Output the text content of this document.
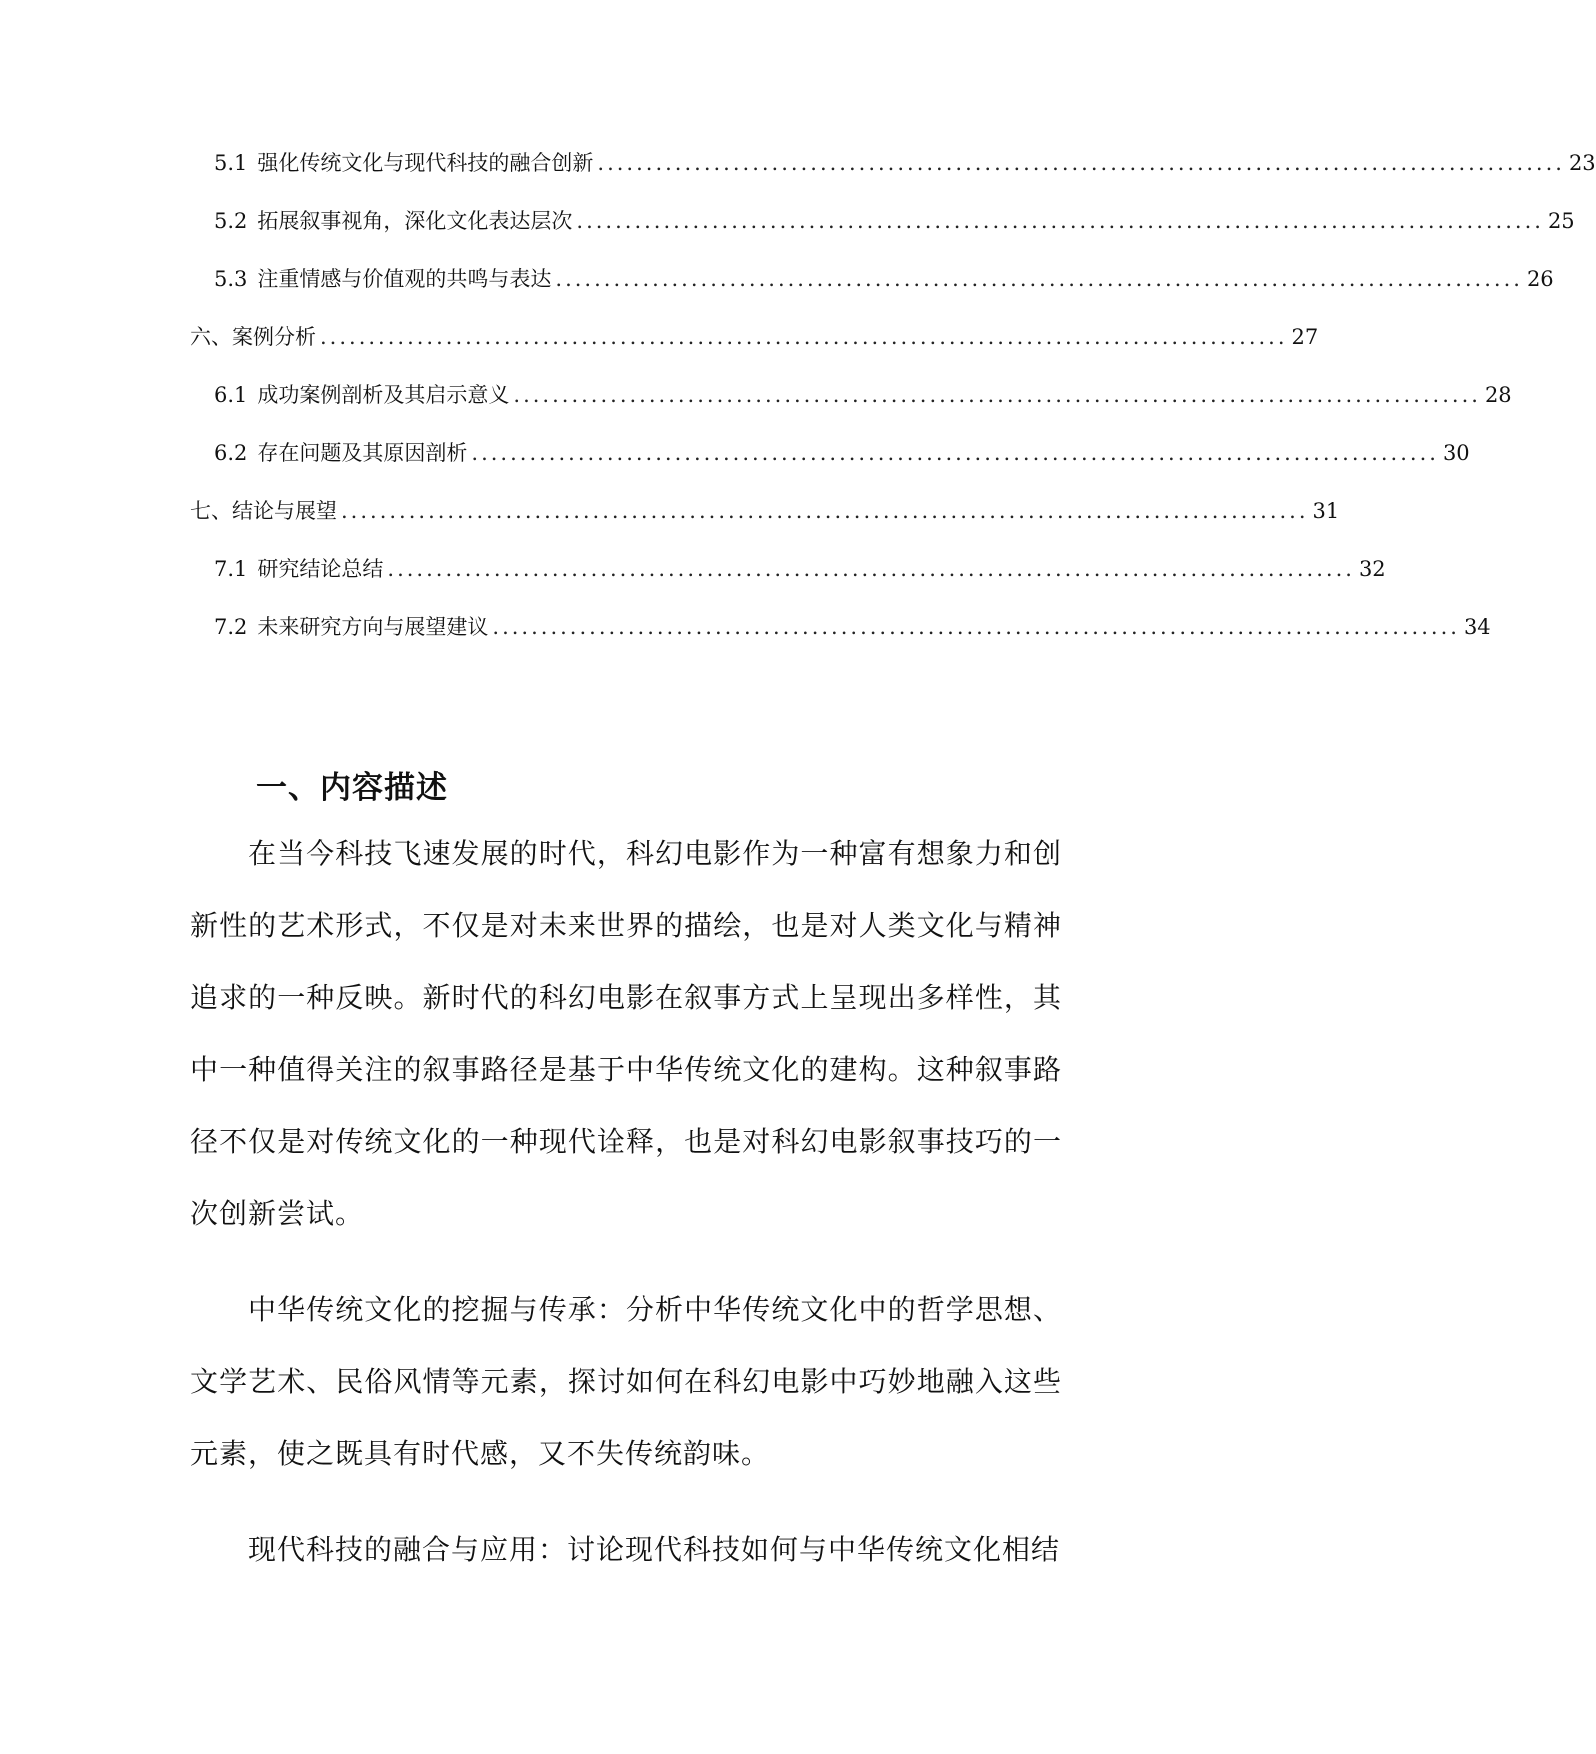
5.1 强化传统文化与现代科技的融合创新 .................................................................................................... 23
5.2 拓展叙事视角，深化文化表达层次 .................................................................................................... 25
5.3 注重情感与价值观的共鸣与表达 .................................................................................................... 26
六、案例分析 .................................................................................................... 27
6.1 成功案例剖析及其启示意义 .................................................................................................... 28
6.2 存在问题及其原因剖析 .................................................................................................... 30
七、结论与展望 .................................................................................................... 31
7.1 研究结论总结 .................................................................................................... 32
7.2 未来研究方向与展望建议 .................................................................................................... 34
一、内容描述

在当今科技飞速发展的时代，科幻电影作为一种富有想象力和创新性的艺术形式，不仅是对未来世界的描绘，也是对人类文化与精神追求的一种反映。新时代的科幻电影在叙事方式上呈现出多样性，其中一种值得关注的叙事路径是基于中华传统文化的建构。这种叙事路径不仅是对传统文化的一种现代诠释，也是对科幻电影叙事技巧的一次创新尝试。

中华传统文化的挖掘与传承：分析中华传统文化中的哲学思想、文学艺术、民俗风情等元素，探讨如何在科幻电影中巧妙地融入这些元素，使之既具有时代感，又不失传统韵味。

现代科技的融合与应用：讨论现代科技如何与中华传统文化相结
